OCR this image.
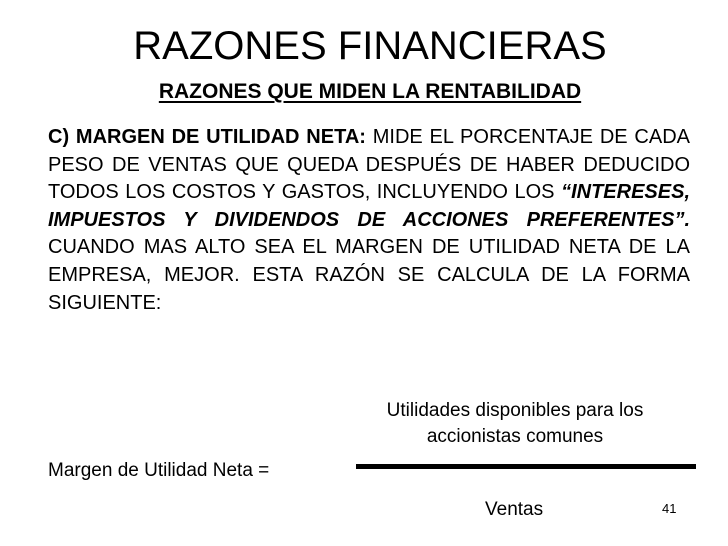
RAZONES FINANCIERAS
RAZONES QUE MIDEN LA RENTABILIDAD

C) MARGEN DE UTILIDAD NETA: MIDE EL PORCENTAJE DE CADA PESO DE VENTAS QUE QUEDA DESPUÉS DE HABER DEDUCIDO TODOS LOS COSTOS Y GASTOS, INCLUYENDO LOS “INTERESES, IMPUESTOS Y DIVIDENDOS DE ACCIONES PREFERENTES”. CUANDO MAS ALTO SEA EL MARGEN DE UTILIDAD NETA DE LA EMPRESA, MEJOR. ESTA RAZÓN SE CALCULA DE LA FORMA SIGUIENTE:

Utilidades disponibles para los accionistas comunes
Margen de Utilidad Neta =
Ventas	41
